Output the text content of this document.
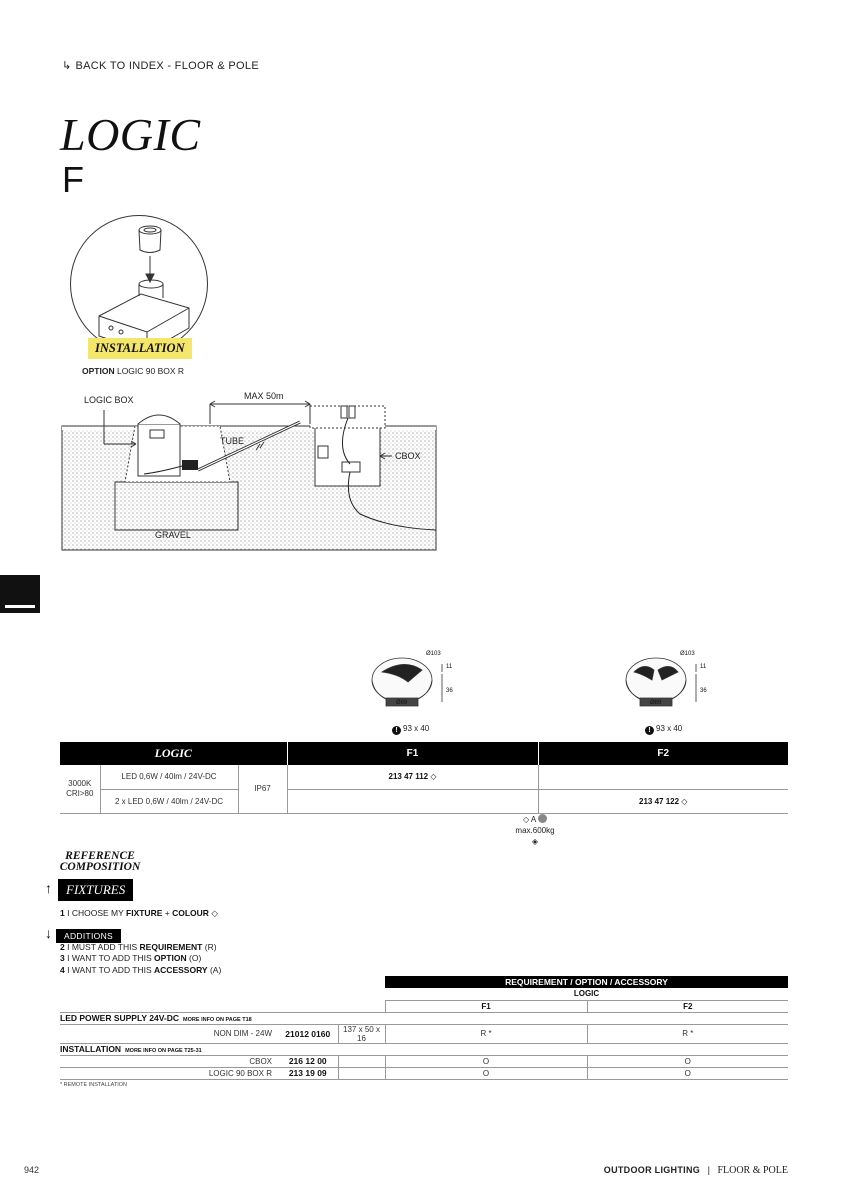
↳ BACK TO INDEX - FLOOR & POLE
LOGIC
F
INSTALLATION
OPTION LOGIC 90 BOX R
LOGIC BOX	MAX 50m
TUBE
CBOX
GRAVEL
Ø103
11
36
Ø89
! 93 x 40
Ø103
11
36
Ø89
! 93 x 40
LOGIC			F1	F2
3000K
CRI>80	LED 0,6W / 40lm / 24V-DC	IP67	213 47 112 ◇	
	2 x LED 0,6W / 40lm / 24V-DC			213 47 122 ◇
◇ A
max.600kg
◈
REFERENCE
COMPOSITION
↑ FIXTURES
1 I CHOOSE MY FIXTURE + COLOUR ◇
↓ ADDITIONS
2 I MUST ADD THIS REQUIREMENT (R)
3 I WANT TO ADD THIS OPTION (O)
4 I WANT TO ADD THIS ACCESSORY (A)
			REQUIREMENT / OPTION / ACCESSORY	
			LOGIC	
			F1	F2
LED POWER SUPPLY 24V-DC MORE INFO ON PAGE T18				
NON DIM - 24W	21012 0160	137 x 50 x 16	R *	R *
INSTALLATION MORE INFO ON PAGE T25-31				
CBOX	216 12 00		O	O
LOGIC 90 BOX R	213 19 09		O	O
* REMOTE INSTALLATION
942	OUTDOOR LIGHTING | FLOOR & POLE
